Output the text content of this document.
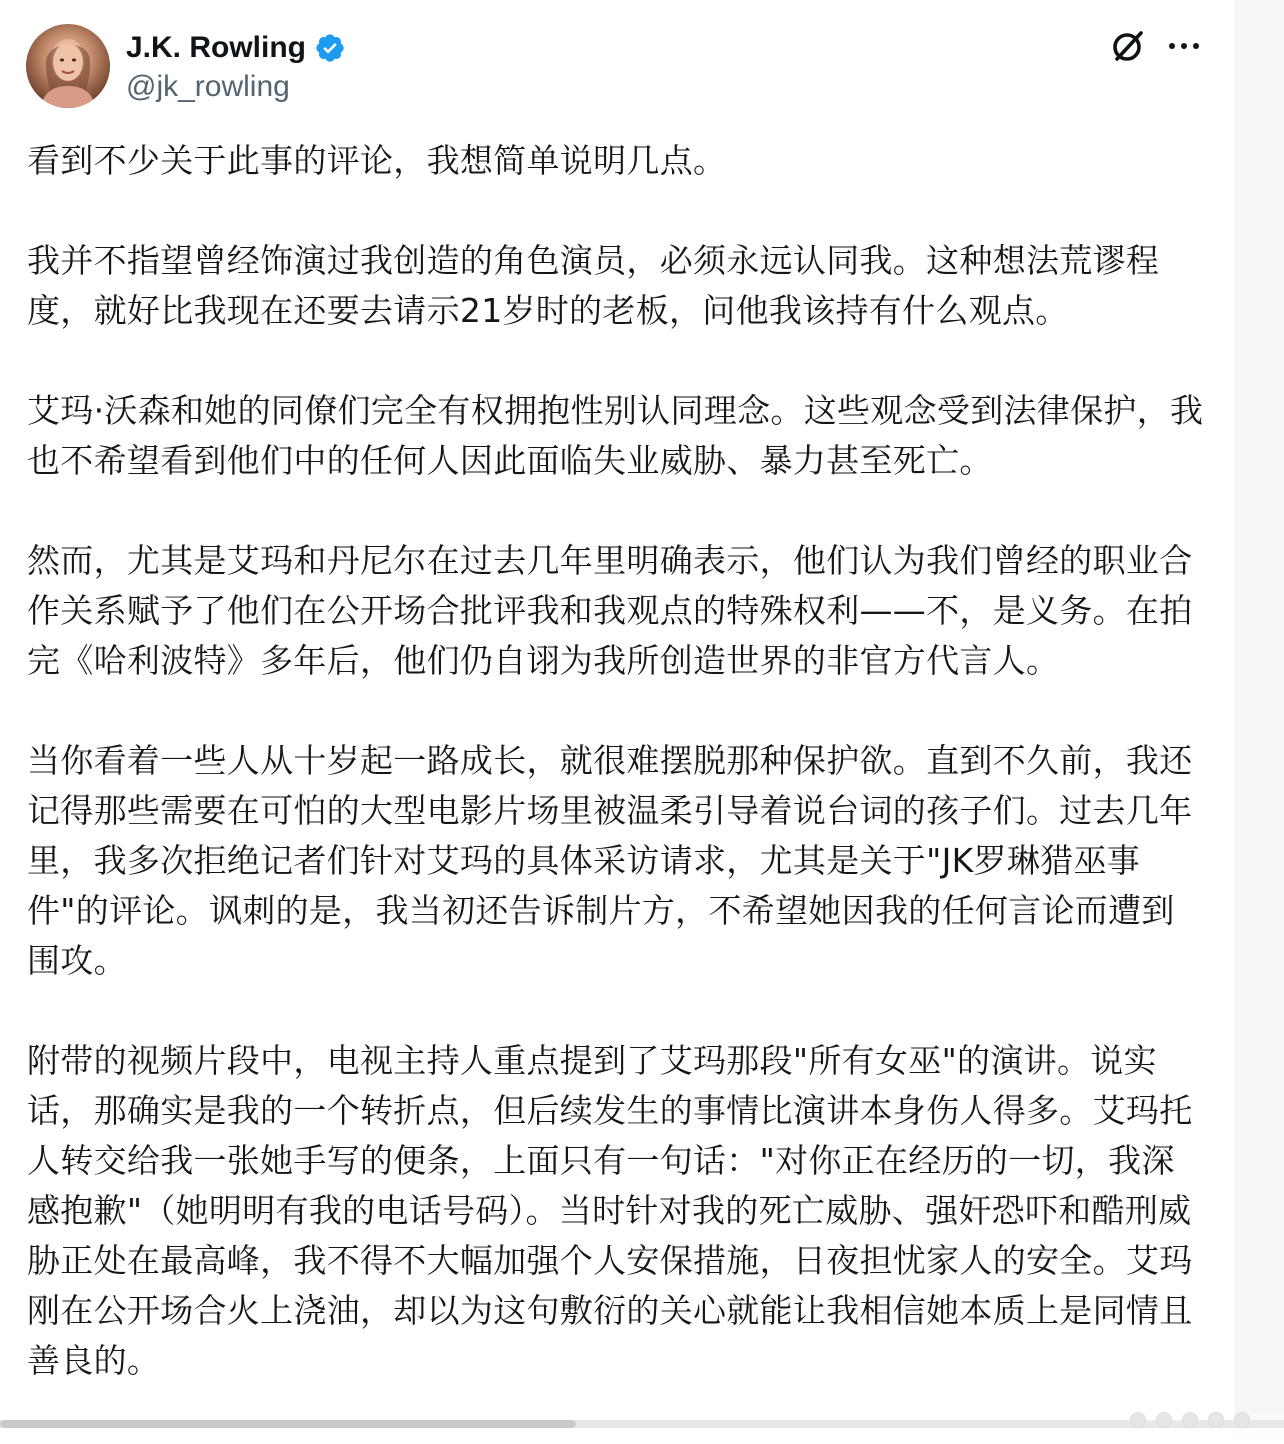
J.K. Rowling
@jk_rowling

看到不少关于此事的评论，我想简单说明几点。

我并不指望曾经饰演过我创造的角色演员，必须永远认同我。这种想法荒谬程度，就好比我现在还要去请示21岁时的老板，问他我该持有什么观点。

艾玛·沃森和她的同僚们完全有权拥抱性别认同理念。这些观念受到法律保护，我也不希望看到他们中的任何人因此面临失业威胁、暴力甚至死亡。

然而，尤其是艾玛和丹尼尔在过去几年里明确表示，他们认为我们曾经的职业合作关系赋予了他们在公开场合批评我和我观点的特殊权利——不，是义务。在拍完《哈利波特》多年后，他们仍自诩为我所创造世界的非官方代言人。

当你看着一些人从十岁起一路成长，就很难摆脱那种保护欲。直到不久前，我还记得那些需要在可怕的大型电影片场里被温柔引导着说台词的孩子们。过去几年里，我多次拒绝记者们针对艾玛的具体采访请求，尤其是关于"JK罗琳猎巫事件"的评论。讽刺的是，我当初还告诉制片方，不希望她因我的任何言论而遭到围攻。

附带的视频片段中，电视主持人重点提到了艾玛那段"所有女巫"的演讲。说实话，那确实是我的一个转折点，但后续发生的事情比演讲本身伤人得多。艾玛托人转交给我一张她手写的便条，上面只有一句话："对你正在经历的一切，我深感抱歉"（她明明有我的电话号码）。当时针对我的死亡威胁、强奸恐吓和酷刑威胁正处在最高峰，我不得不大幅加强个人安保措施，日夜担忧家人的安全。艾玛刚在公开场合火上浇油，却以为这句敷衍的关心就能让我相信她本质上是同情且善良的。
